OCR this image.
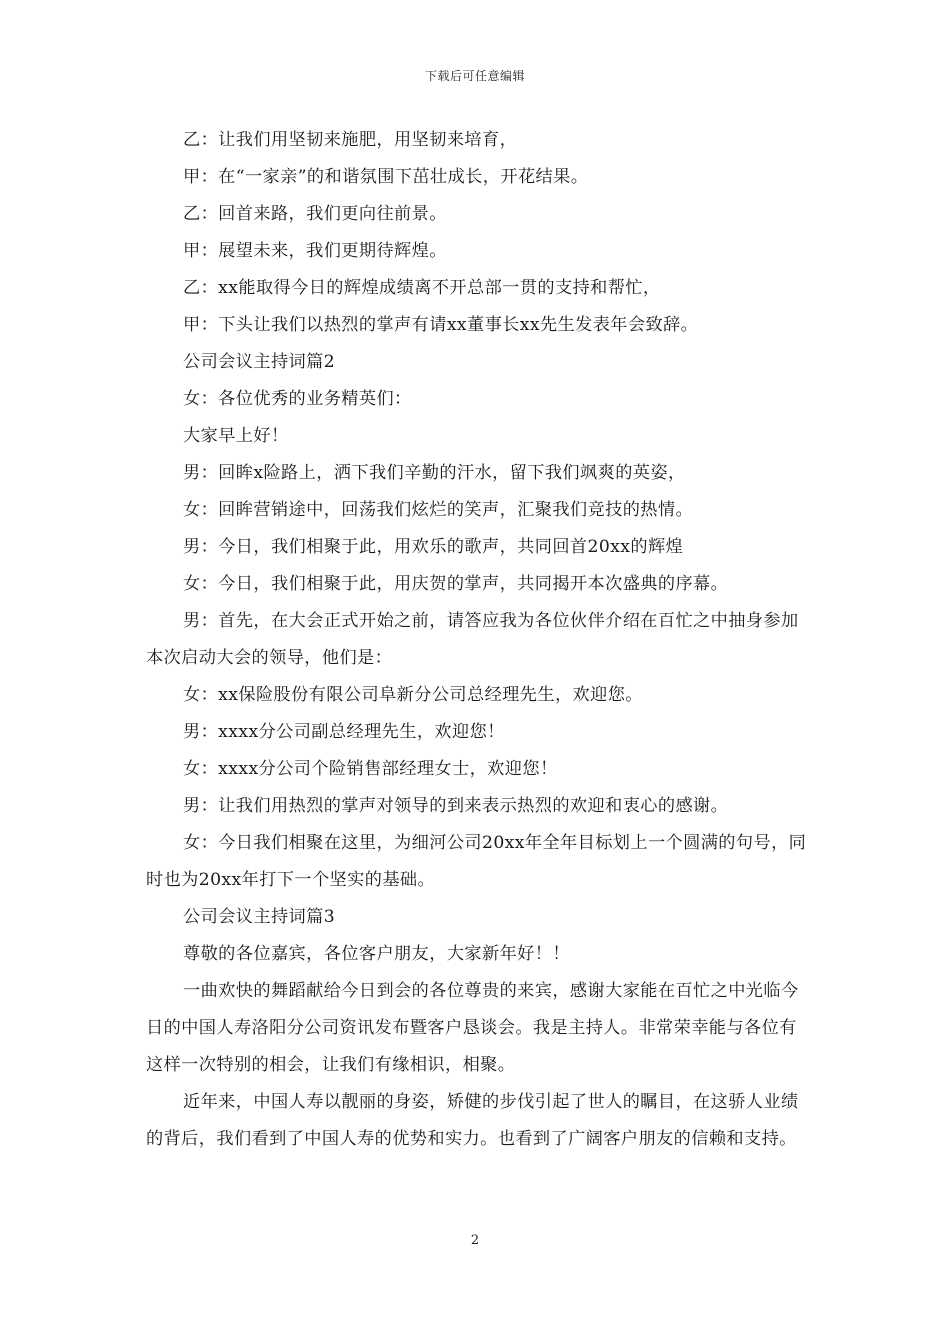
下载后可任意编辑

乙：让我们用坚韧来施肥，用坚韧来培育，

甲：在“一家亲”的和谐氛围下茁壮成长，开花结果。

乙：回首来路，我们更向往前景。

甲：展望未来，我们更期待辉煌。

乙：xx能取得今日的辉煌成绩离不开总部一贯的支持和帮忙，

甲：下头让我们以热烈的掌声有请xx董事长xx先生发表年会致辞。

公司会议主持词篇2

女：各位优秀的业务精英们：

大家早上好！

男：回眸x险路上，洒下我们辛勤的汗水，留下我们飒爽的英姿，

女：回眸营销途中，回荡我们炫烂的笑声，汇聚我们竞技的热情。

男：今日，我们相聚于此，用欢乐的歌声，共同回首20xx的辉煌

女：今日，我们相聚于此，用庆贺的掌声，共同揭开本次盛典的序幕。

男：首先，在大会正式开始之前，请答应我为各位伙伴介绍在百忙之中抽身参加本次启动大会的领导，他们是：

女：xx保险股份有限公司阜新分公司总经理先生，欢迎您。

男：xxxx分公司副总经理先生，欢迎您！

女：xxxx分公司个险销售部经理女士，欢迎您！

男：让我们用热烈的掌声对领导的到来表示热烈的欢迎和衷心的感谢。

女：今日我们相聚在这里，为细河公司20xx年全年目标划上一个圆满的句号，同时也为20xx年打下一个坚实的基础。

公司会议主持词篇3

尊敬的各位嘉宾，各位客户朋友，大家新年好！！

一曲欢快的舞蹈献给今日到会的各位尊贵的来宾，感谢大家能在百忙之中光临今日的中国人寿洛阳分公司资讯发布暨客户恳谈会。我是主持人。非常荣幸能与各位有这样一次特别的相会，让我们有缘相识，相聚。

近年来，中国人寿以靓丽的身姿，矫健的步伐引起了世人的瞩目，在这骄人业绩的背后，我们看到了中国人寿的优势和实力。也看到了广阔客户朋友的信赖和支持。

2
